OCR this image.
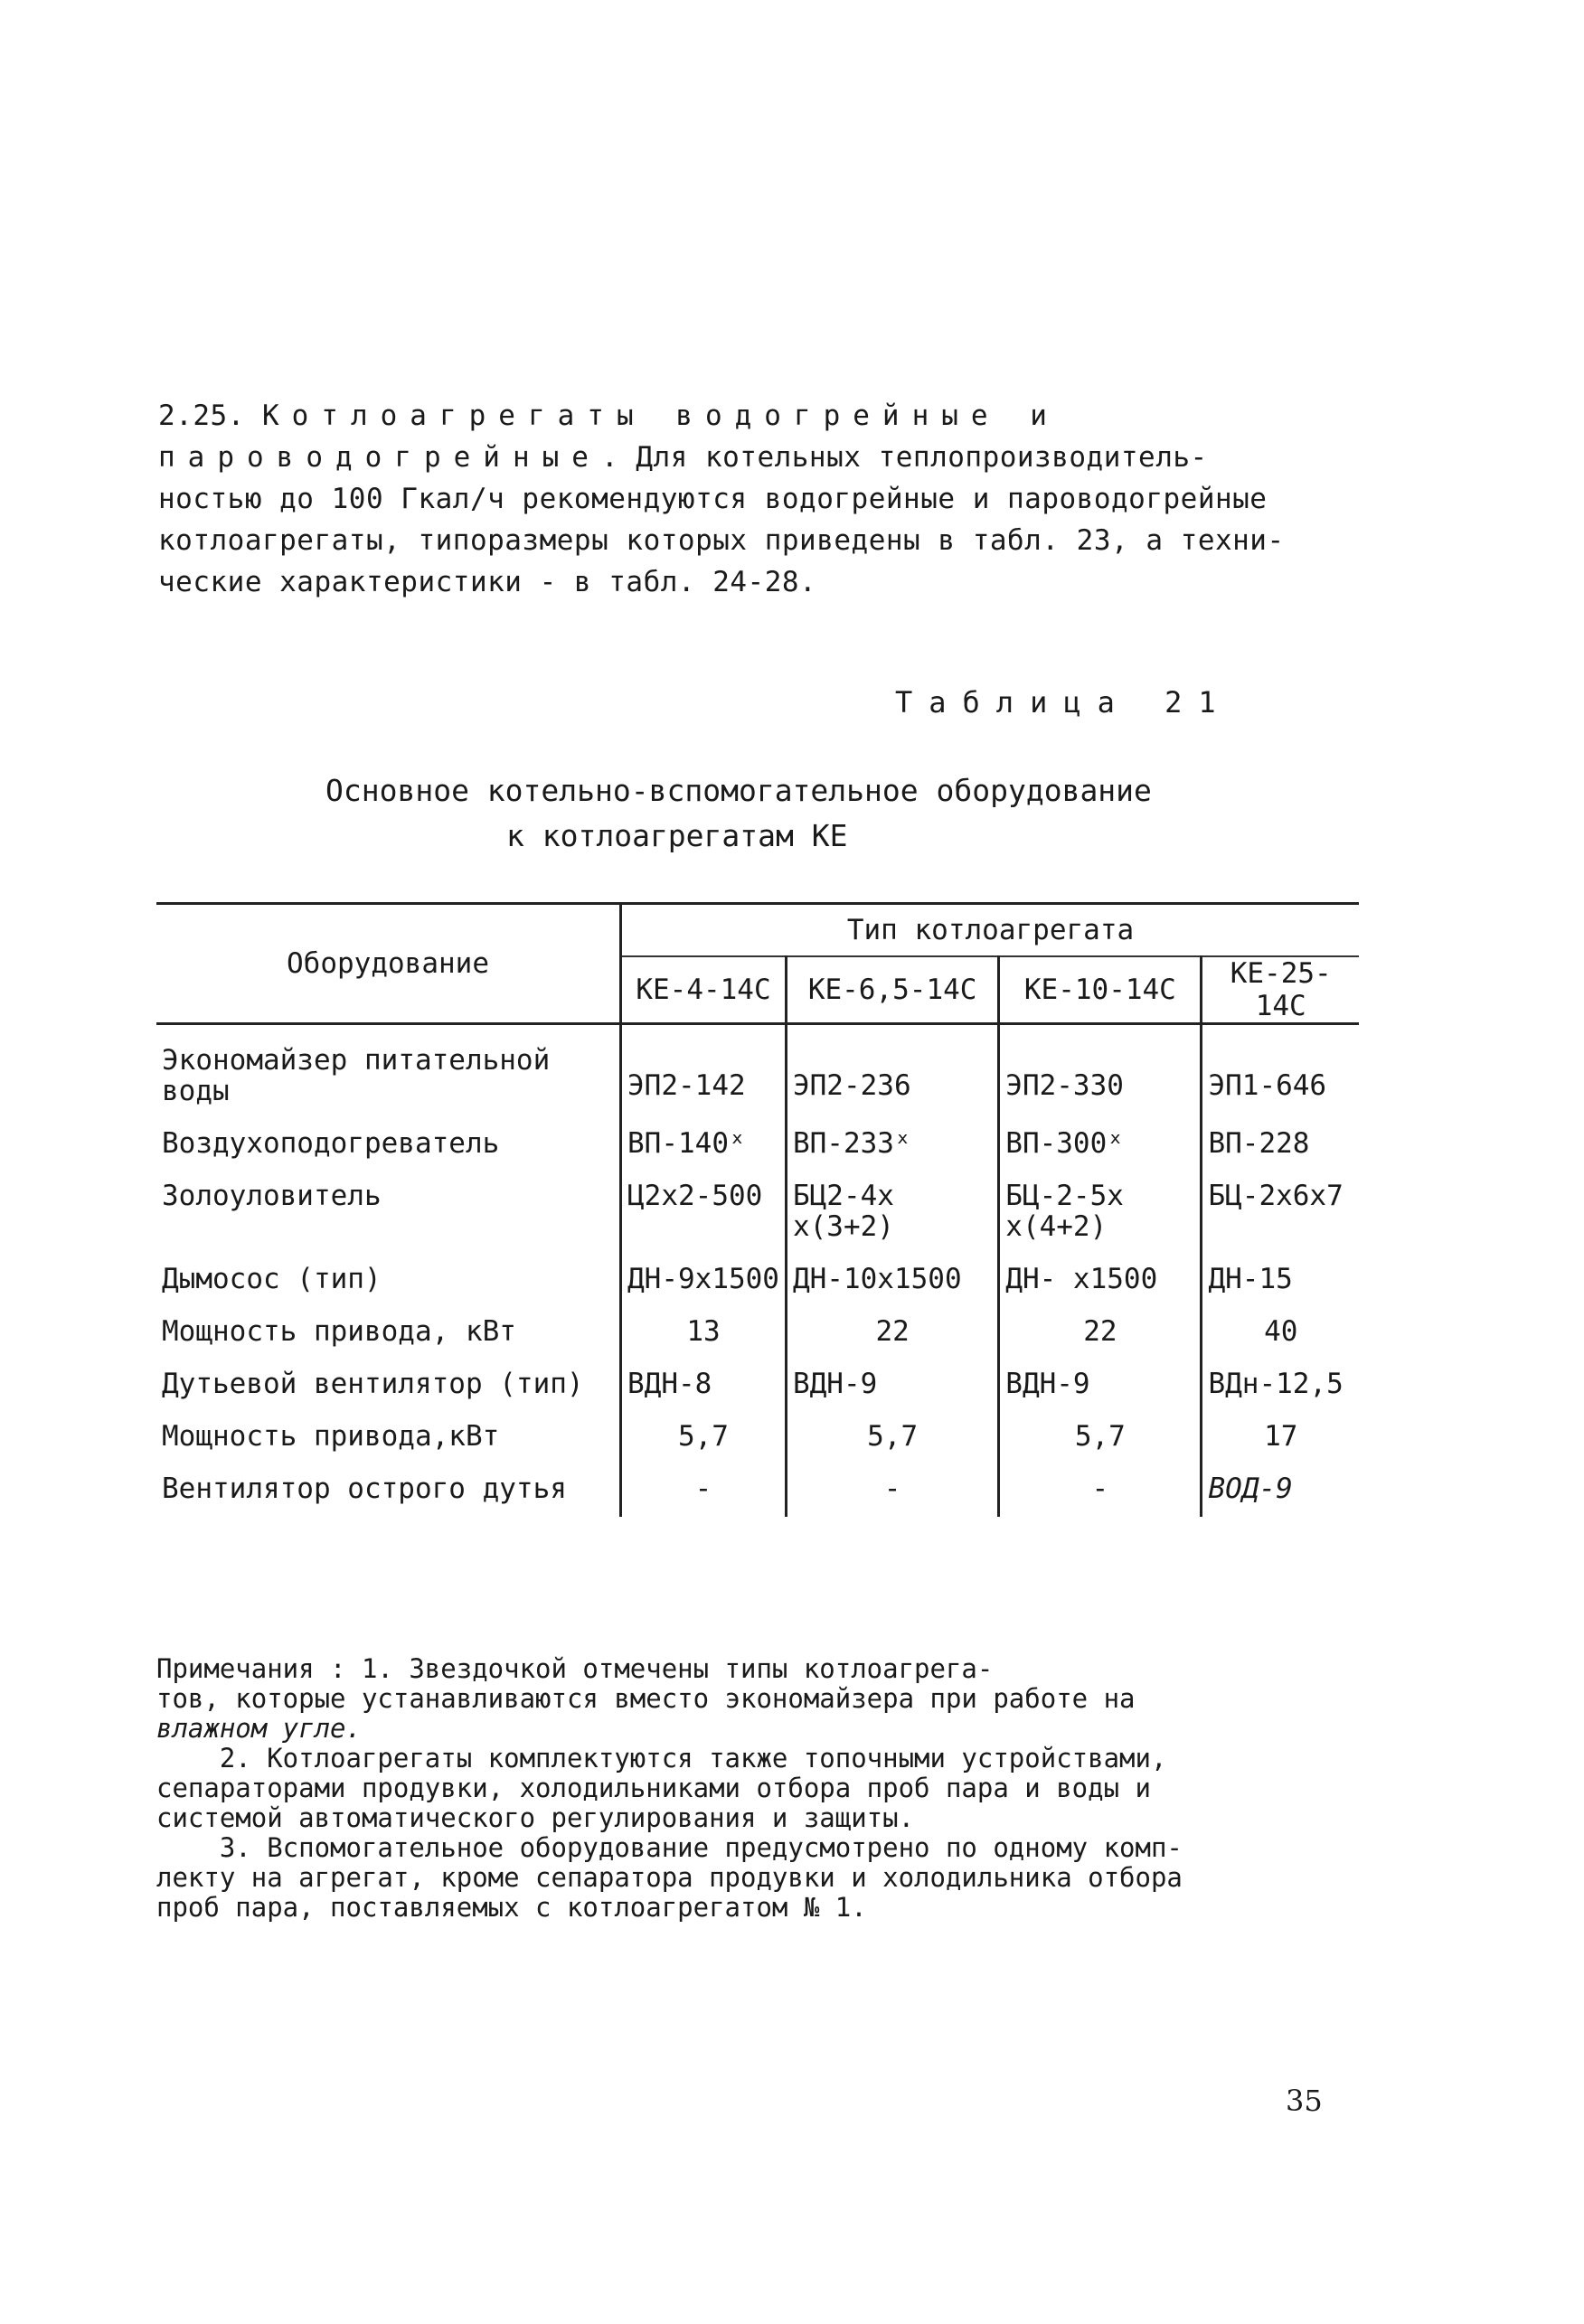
2.25. Котлоагрегаты водогрейные и
пароводогрейные. Для котельных теплопроизводитель-
ностью до 100 Гкал/ч рекомендуются водогрейные и пароводогрейные
котлоагрегаты, типоразмеры которых приведены в табл. 23, а техни-
ческие характеристики - в табл. 24-28.
Таблица 21
Основное котельно-вспомогательное оборудование
к котлоагрегатам КЕ
Оборудование	Тип котлоагрегата			
	КЕ-4-14С	КЕ-6,5-14С	КЕ-10-14С	КЕ-25-14С
Экономайзер питательной воды	ЭП2-142	ЭП2-236	ЭП2-330	ЭП1-646
Воздухоподогреватель	ВП-140ˣ	ВП-233ˣ	ВП-300ˣ	ВП-228
Золоуловитель	Ц2х2-500	БЦ2-4х х(3+2)	БЦ-2-5х х(4+2)	БЦ-2х6х7
Дымосос (тип)	ДН-9х1500	ДН-10х1500	ДН- х1500	ДН-15
Мощность привода, кВт	13	22	22	40
Дутьевой вентилятор (тип)	ВДН-8	ВДН-9	ВДН-9	ВДн-12,5
Мощность привода,кВт	5,7	5,7	5,7	17
Вентилятор острого дутья	-	-	-	ВОД-9
Примечания : 1. Звездочкой отмечены типы котлоагрега-
тов, которые устанавливаются вместо экономайзера при работе на
влажном угле.
2. Котлоагрегаты комплектуются также топочными устройствами,
сепараторами продувки, холодильниками отбора проб пара и воды и
системой автоматического регулирования и защиты.
3. Вспомогательное оборудование предусмотрено по одному комп-
лекту на агрегат, кроме сепаратора продувки и холодильника отбора
проб пара, поставляемых с котлоагрегатом № 1.
35
